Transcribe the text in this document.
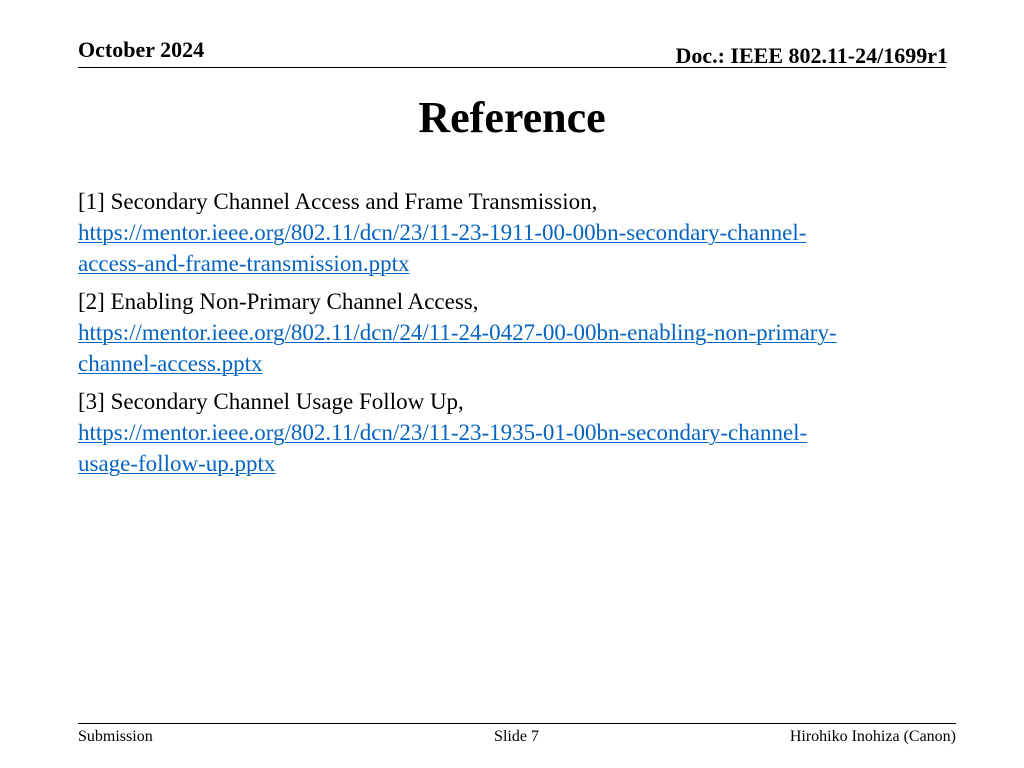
October 2024	Doc.: IEEE 802.11-24/1699r1
Reference
[1] Secondary Channel Access and Frame Transmission,
https://mentor.ieee.org/802.11/dcn/23/11-23-1911-00-00bn-secondary-channel-
access-and-frame-transmission.pptx
[2] Enabling Non-Primary Channel Access,
https://mentor.ieee.org/802.11/dcn/24/11-24-0427-00-00bn-enabling-non-primary-
channel-access.pptx
[3] Secondary Channel Usage Follow Up,
https://mentor.ieee.org/802.11/dcn/23/11-23-1935-01-00bn-secondary-channel-
usage-follow-up.pptx
Submission	Slide 7	Hirohiko Inohiza (Canon)
